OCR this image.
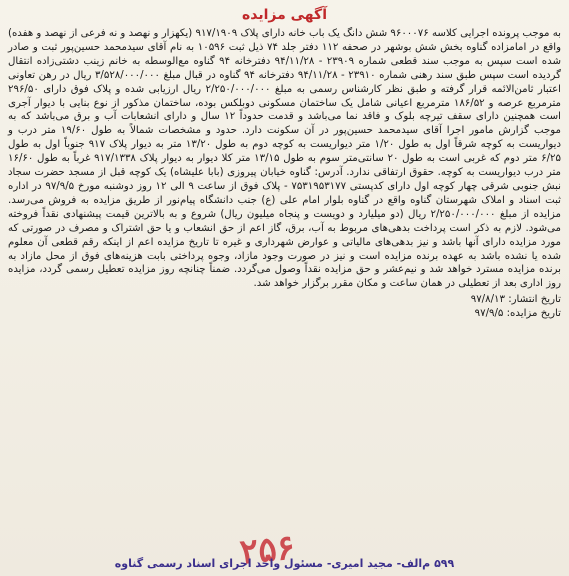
آگهی مزایده

به موجب پرونده اجرایی کلاسه ۹۶۰۰۰۷۶ شش دانگ یک باب خانه دارای پلاک ۹۱۷/۱۹۰۹ (یکهزار و نهصد و نه فرعی از نهصد و هفده) واقع در امامزاده گناوه بخش شش بوشهر در صحفه ۱۱۲ دفتر جلد ۷۴ ذیل ثبت ۱۰۵۹۶ به نام آقای سیدمحمد حسین‌پور ثبت و صادر شده است سپس به موجب سند قطعی شماره ۲۳۹۰۹ - ۹۴/۱۱/۲۸ دفترخانه ۹۴ گناوه مع‌الوسطه به خانم زینب دشتی‌زاده انتقال گردیده است سپس طبق سند رهنی شماره ۲۳۹۱۰ - ۹۴/۱۱/۲۸ دفترخانه ۹۴ گناوه در قبال مبلغ ۳/۵۲۸/۰۰۰/۰۰۰ ریال در رهن تعاونی اعتبار ثامن‌الائمه قرار گرفته و طبق نظر کارشناس رسمی به مبلغ ۲/۲۵۰/۰۰۰/۰۰۰ ریال ارزیابی شده و پلاک فوق دارای ۲۹۶/۵۰ مترمربع عرصه و ۱۸۶/۵۲ مترمربع اعیانی شامل یک ساختمان مسکونی دوبلکس بوده، ساختمان مذکور از نوع بنایی با دیوار آجری است همچنین دارای سقف تیرچه بلوک و فاقد نما می‌باشد و قدمت حدوداً ۱۲ سال و دارای انشعابات آب و برق می‌باشد که به موجب گزارش مامور اجرا آقای سیدمحمد حسین‌پور در آن سکونت دارد. حدود و مشخصات شمالاً به طول ۱۹/۶۰ متر درب و دیواریست به کوچه شرقاً اول به طول ۱/۲۰ متر دیواریست به کوچه دوم به طول ۱۳/۲۰ متر به دیوار پلاک ۹۱۷ جنوباً اول به طول ۶/۲۵ متر دوم که غربی است به طول ۲۰ سانتی‌متر سوم به طول ۱۳/۱۵ متر کلا دیوار به دیوار پلاک ۹۱۷/۱۳۳۸ غرباً به طول ۱۶/۶۰ متر درب دیواریست به کوچه. حقوق ارتفاقی ندارد. آدرس: گناوه خیابان پیروزی (بابا علیشاه) یک کوچه قبل از مسجد حضرت سجاد نبش جنوبی شرقی چهار کوچه اول دارای کدپستی ۷۵۳۱۹۵۳۱۷۷ - پلاک فوق از ساعت ۹ الی ۱۲ روز دوشنبه مورخ ۹۷/۹/۵ در اداره ثبت اسناد و املاک شهرستان گناوه واقع در گناوه بلوار امام علی (ع) جنب دانشگاه پیام‌نور از طریق مزایده به فروش می‌رسد. مزایده از مبلغ ۲/۲۵۰/۰۰۰/۰۰۰ ریال (دو میلیارد و دویست و پنجاه میلیون ریال) شروع و به بالاترین قیمت پیشنهادی نقداً فروخته می‌شود. لازم به ذکر است پرداخت بدهی‌های مربوط به آب، برق، گاز اعم از حق انشعاب و یا حق اشتراک و مصرف در صورتی که مورد مزایده دارای آنها باشد و نیز بدهی‌های مالیاتی و عوارض شهرداری و غیره تا تاریخ مزایده اعم از اینکه رقم قطعی آن معلوم شده یا نشده باشد به عهده برنده مزایده است و نیز در صورت وجود مازاد، وجوه پرداختی بابت هزینه‌های فوق از محل مازاد به برنده مزایده مسترد خواهد شد و نیم‌عشر و حق مزایده نقداً وصول می‌گردد. ضمناً چنانچه روز مزایده تعطیل رسمی گردد، مزایده روز اداری بعد از تعطیلی در همان ساعت و مکان مقرر برگزار خواهد شد.

تاریخ انتشار: ۹۷/۸/۱۳
تاریخ مزایده: ۹۷/۹/۵
۲۵۶
۵۹۹ م‌الف- مجید امیری- مسئول واحد اجرای اسناد رسمی گناوه
